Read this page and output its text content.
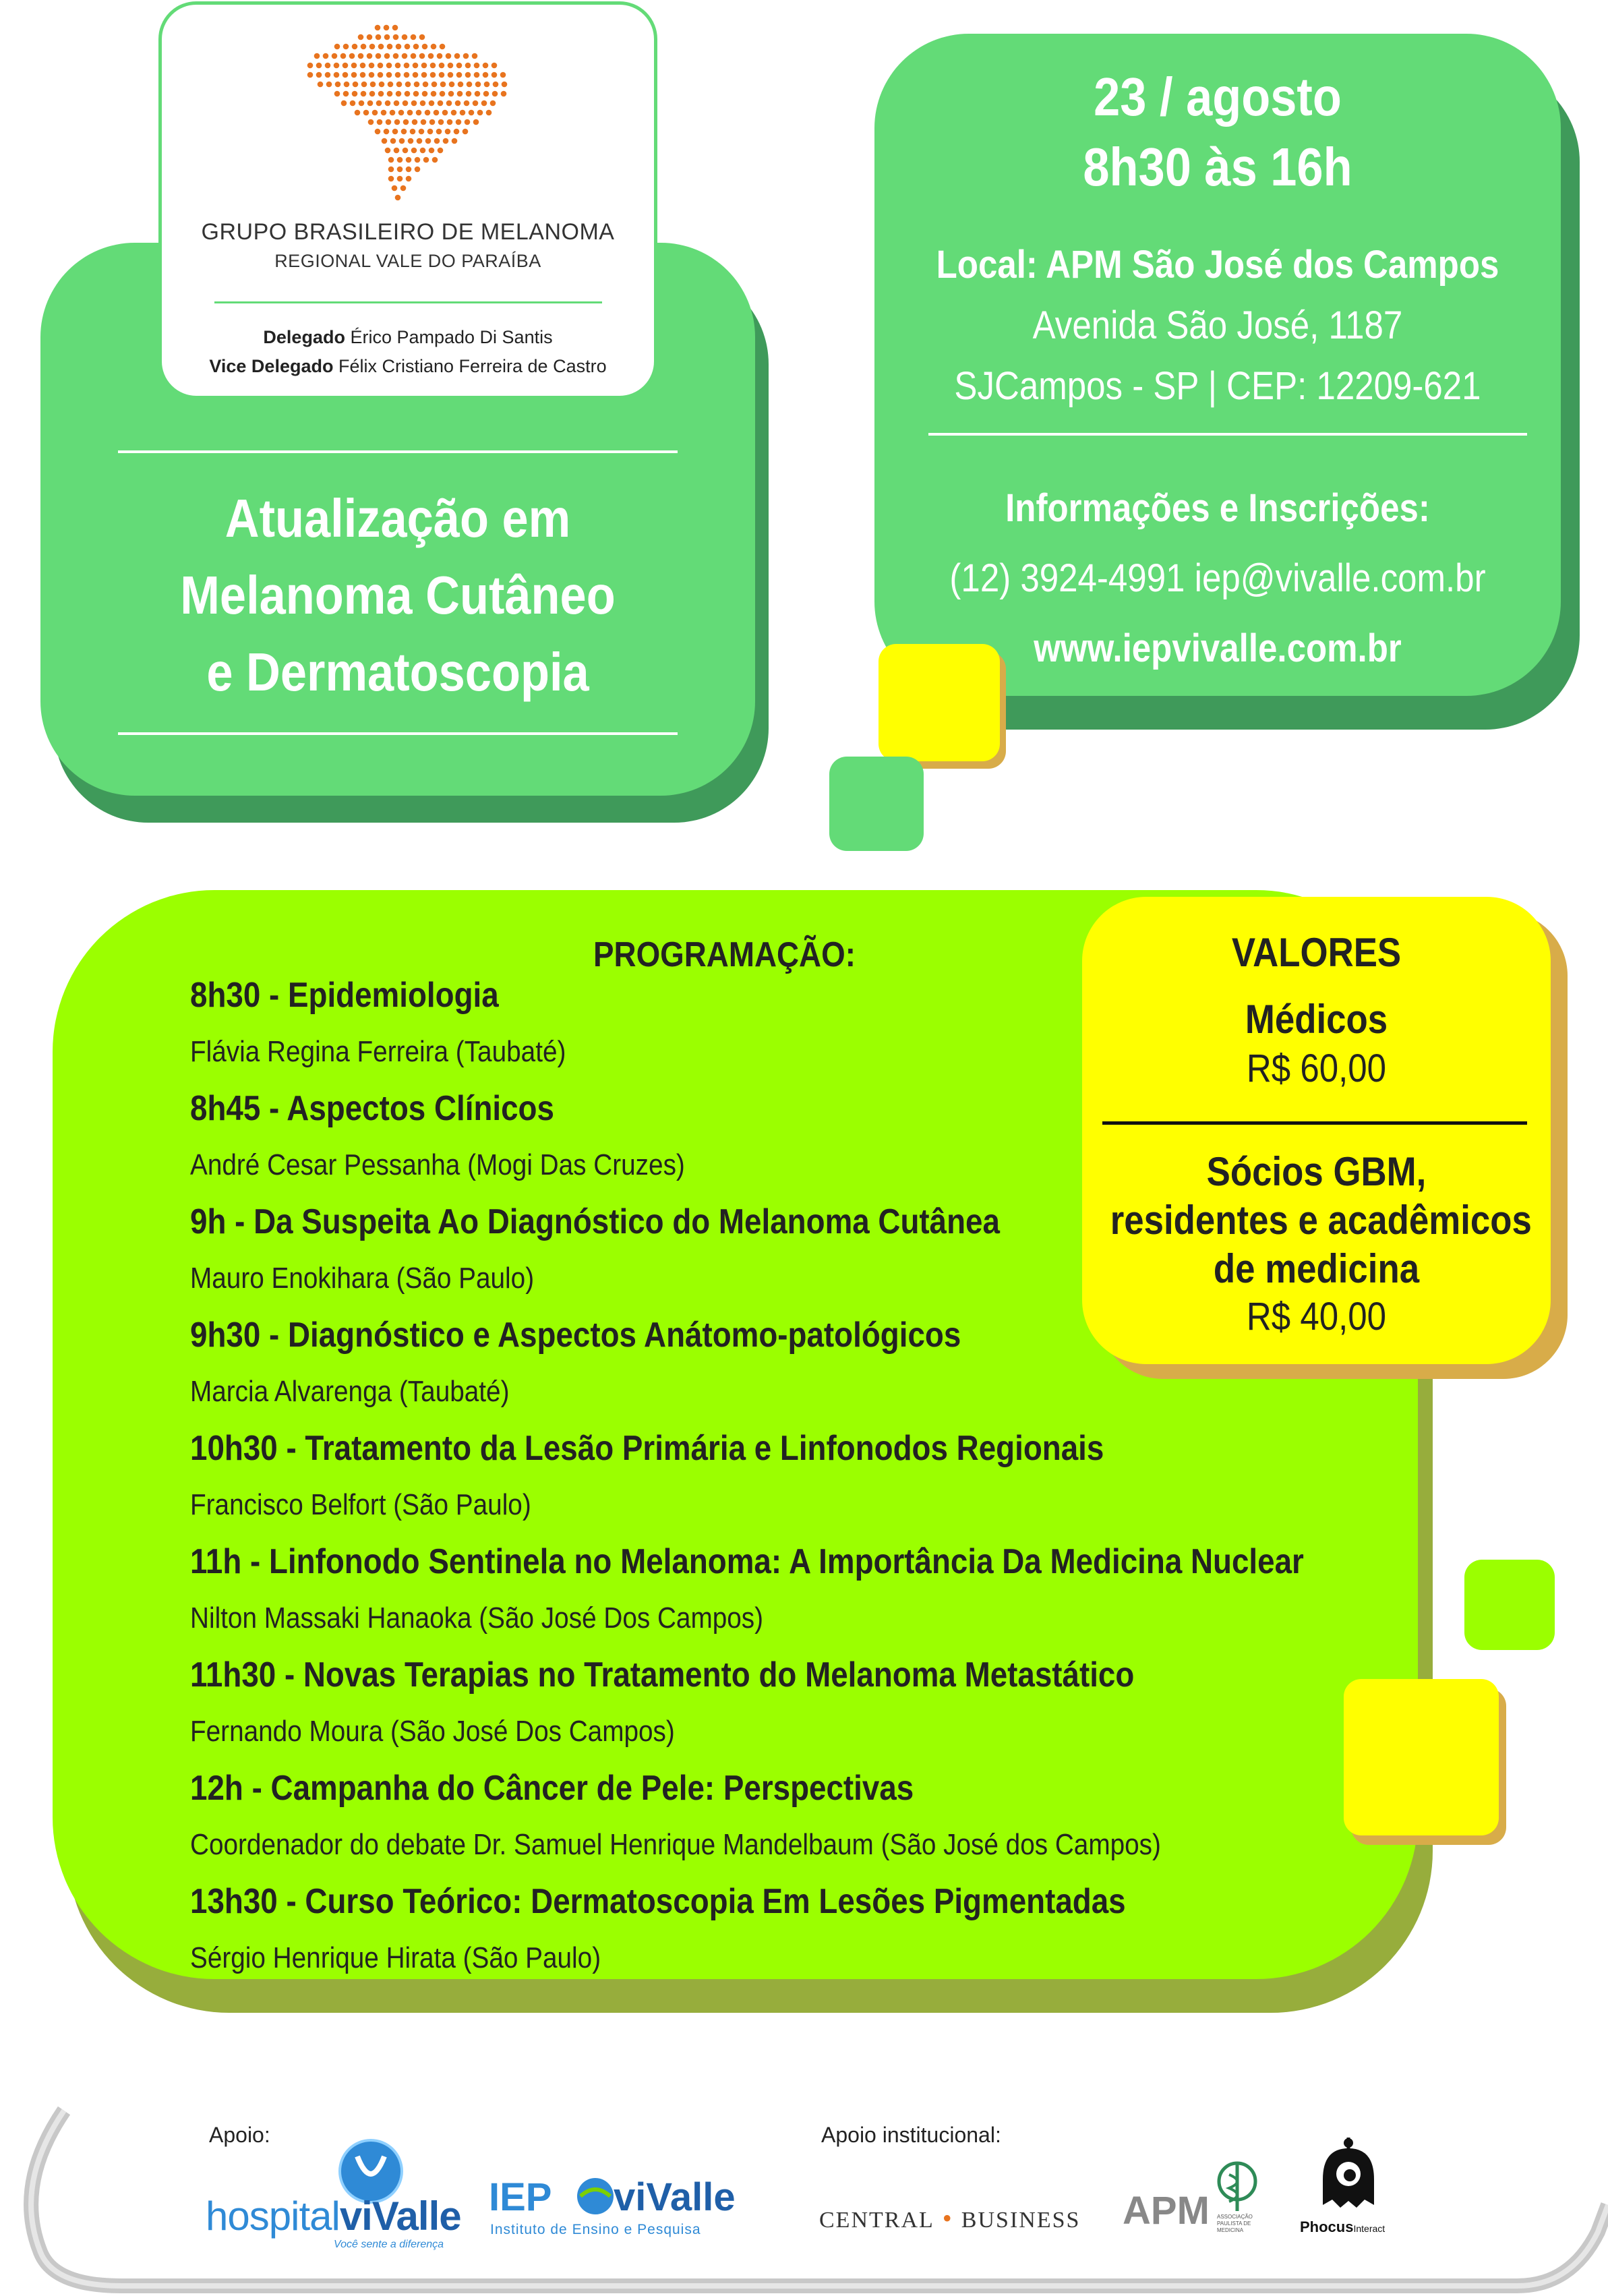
GRUPO BRASILEIRO DE MELANOMA
REGIONAL VALE DO PARAÍBA
Delegado Érico Pampado Di Santis
Vice Delegado Félix Cristiano Ferreira de Castro
Atualização em
Melanoma Cutâneo
e Dermatoscopia
23 / agosto
8h30 às 16h
Local: APM São José dos Campos
Avenida São José, 1187
SJCampos - SP | CEP: 12209-621
Informações e Inscrições:
(12) 3924-4991 iep@vivalle.com.br
www.iepvivalle.com.br
PROGRAMAÇÃO:
8h30 - Epidemiologia
Flávia Regina Ferreira (Taubaté)
8h45 - Aspectos Clínicos
André Cesar Pessanha (Mogi Das Cruzes)
9h - Da Suspeita Ao Diagnóstico do Melanoma Cutânea
Mauro Enokihara (São Paulo)
9h30 - Diagnóstico e Aspectos Anátomo-patológicos
Marcia Alvarenga (Taubaté)
10h30 - Tratamento da Lesão Primária e Linfonodos Regionais
Francisco Belfort (São Paulo)
11h - Linfonodo Sentinela no Melanoma: A Importância Da Medicina Nuclear
Nilton Massaki Hanaoka (São José Dos Campos)
11h30 - Novas Terapias no Tratamento do Melanoma Metastático
Fernando Moura (São José Dos Campos)
12h - Campanha do Câncer de Pele: Perspectivas
Coordenador do debate Dr. Samuel Henrique Mandelbaum (São José dos Campos)
13h30 - Curso Teórico: Dermatoscopia Em Lesões Pigmentadas
Sérgio Henrique Hirata (São Paulo)
VALORES
Médicos
R$ 60,00
Sócios GBM,
residentes e acadêmicos
de medicina
R$ 40,00
Apoio:	Apoio institucional:
hospitalviValle
Você sente a diferença
IEP viValle
Instituto de Ensino e Pesquisa	CENTRAL • BUSINESS APM ASSOCIAÇÃO PAULISTA DE MEDICINA	PhocusInteract
